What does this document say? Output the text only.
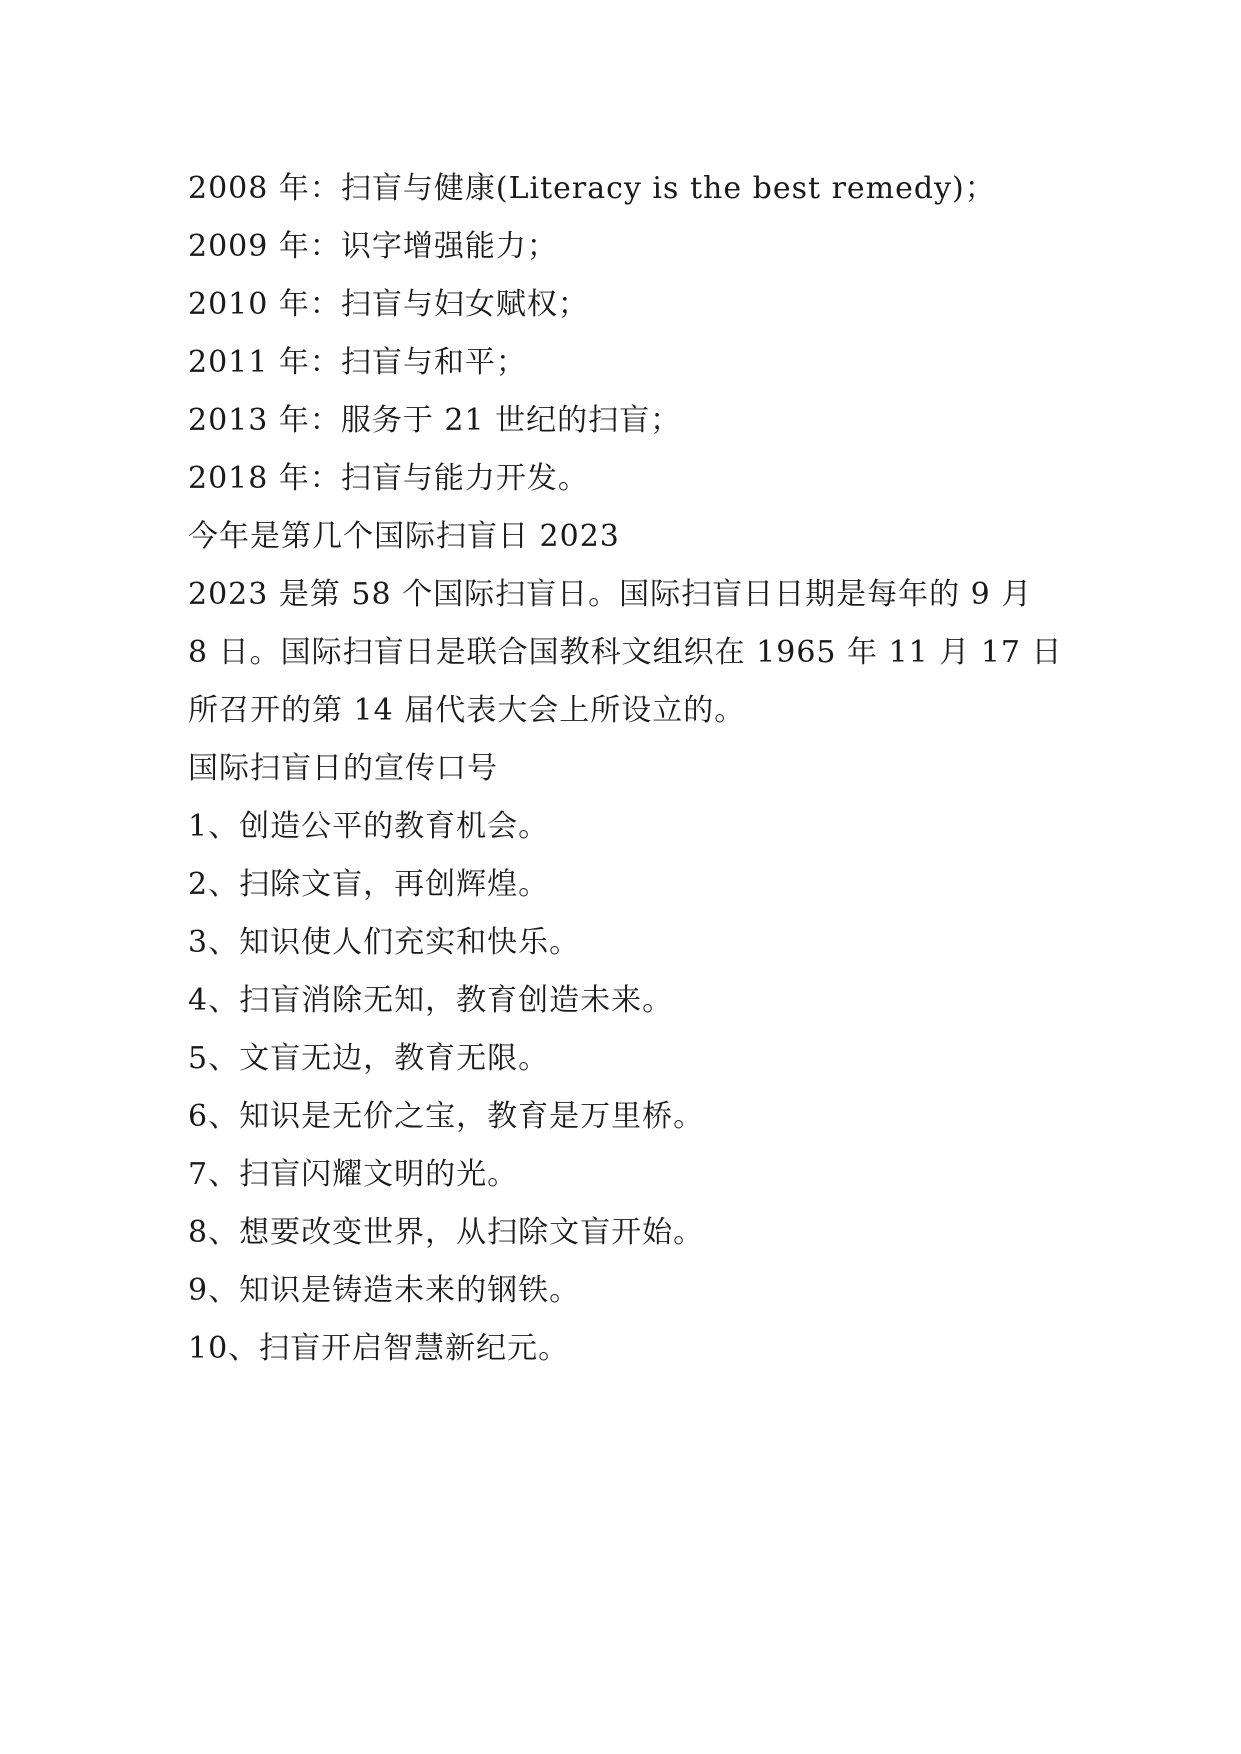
2008 年：扫盲与健康(Literacy is the best remedy)；

2009 年：识字增强能力；

2010 年：扫盲与妇女赋权；

2011 年：扫盲与和平；

2013 年：服务于 21 世纪的扫盲；

2018 年：扫盲与能力开发。

今年是第几个国际扫盲日 2023

2023 是第 58 个国际扫盲日。国际扫盲日日期是每年的 9 月

8 日。国际扫盲日是联合国教科文组织在 1965 年 11 月 17 日

所召开的第 14 届代表大会上所设立的。

国际扫盲日的宣传口号

1、创造公平的教育机会。

2、扫除文盲，再创辉煌。

3、知识使人们充实和快乐。

4、扫盲消除无知，教育创造未来。

5、文盲无边，教育无限。

6、知识是无价之宝，教育是万里桥。

7、扫盲闪耀文明的光。

8、想要改变世界，从扫除文盲开始。

9、知识是铸造未来的钢铁。

10、扫盲开启智慧新纪元。
